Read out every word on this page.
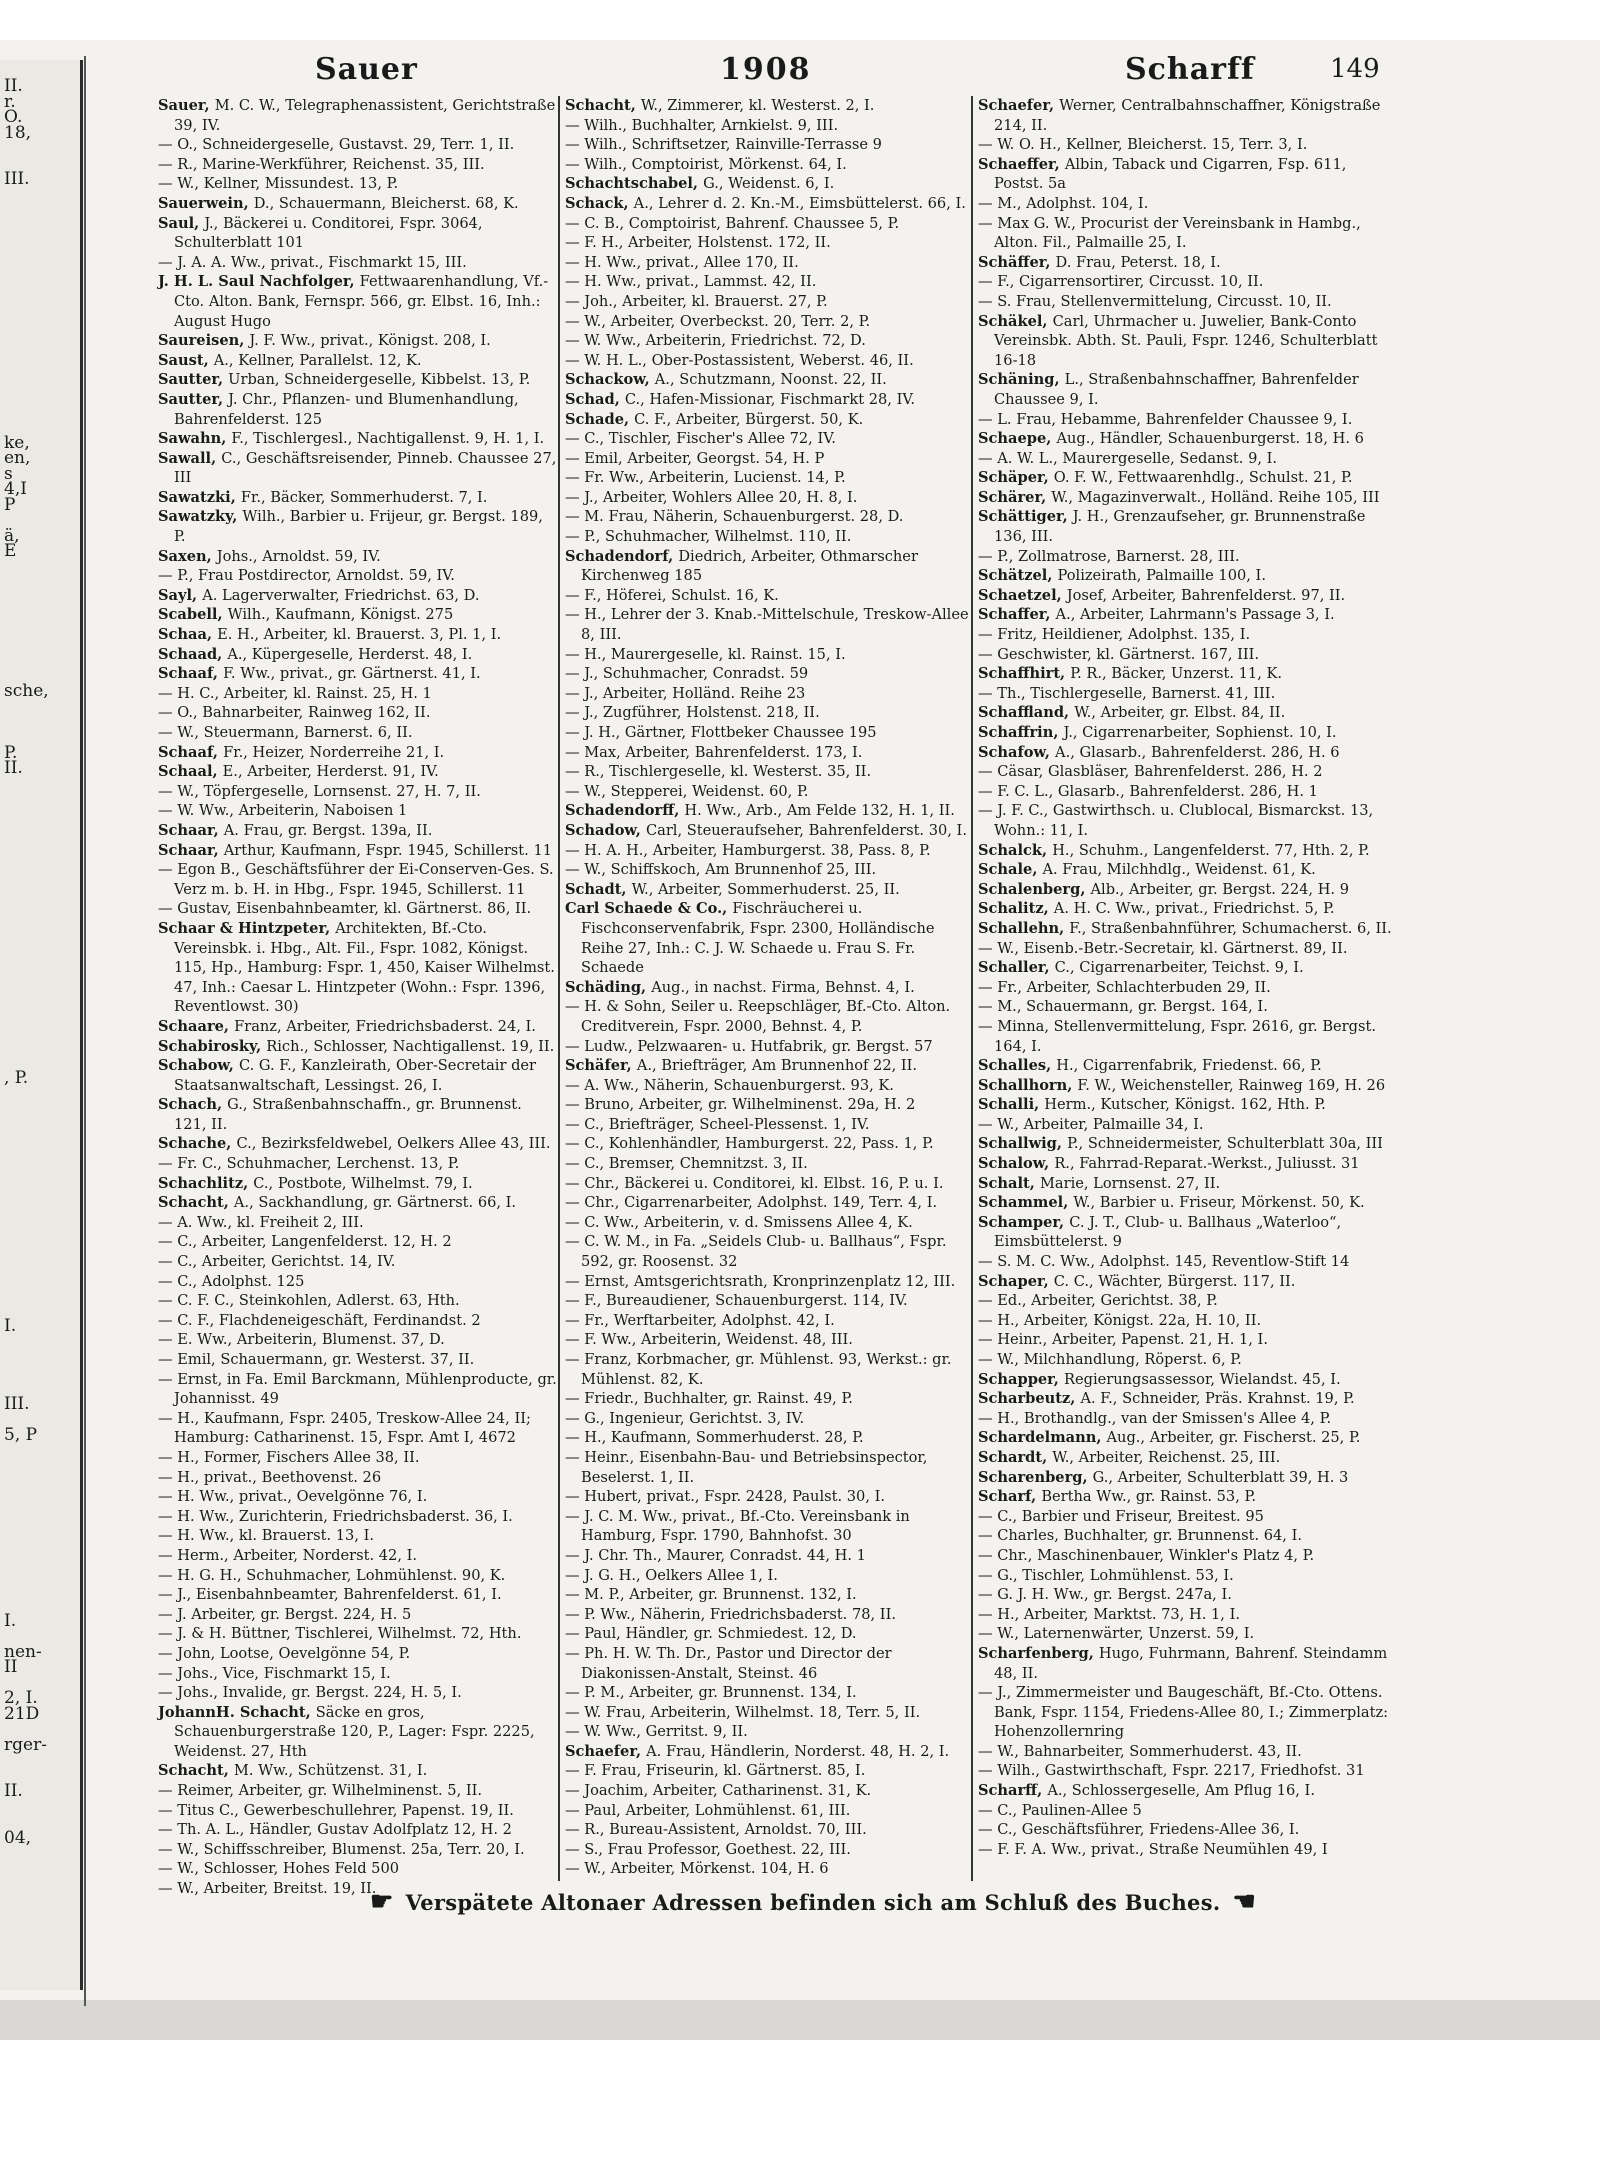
II.
r.
O.
18,
III.
ke,
en,
s
4,I
P
ä,
E
sche,
P.
II.
, P.
I.
III.
5, P
I.
nen-
II
2, I.
21D
rger-
II.
04,
Sauer	1908	Scharff	149

Sauer, M. C. W., Telegraphenassistent, Gerichtstraße 39, IV.

— O., Schneidergeselle, Gustavst. 29, Terr. 1, II.

— R., Marine-Werkführer, Reichenst. 35, III.

— W., Kellner, Missundest. 13, P.

Sauerwein, D., Schauermann, Bleicherst. 68, K.

Saul, J., Bäckerei u. Conditorei, Fspr. 3064, Schulterblatt 101

— J. A. A. Ww., privat., Fischmarkt 15, III.

J. H. L. Saul Nachfolger, Fettwaarenhandlung, Vf.-Cto. Alton. Bank, Fernspr. 566, gr. Elbst. 16, Inh.: August Hugo

Saureisen, J. F. Ww., privat., Königst. 208, I.

Saust, A., Kellner, Parallelst. 12, K.

Sautter, Urban, Schneidergeselle, Kibbelst. 13, P.

Sautter, J. Chr., Pflanzen- und Blumenhandlung, Bahrenfelderst. 125

Sawahn, F., Tischlergesl., Nachtigallenst. 9, H. 1, I.

Sawall, C., Geschäftsreisender, Pinneb. Chaussee 27, III

Sawatzki, Fr., Bäcker, Sommerhuderst. 7, I.

Sawatzky, Wilh., Barbier u. Frijeur, gr. Bergst. 189, P.

Saxen, Johs., Arnoldst. 59, IV.

— P., Frau Postdirector, Arnoldst. 59, IV.

Sayl, A. Lagerverwalter, Friedrichst. 63, D.

Scabell, Wilh., Kaufmann, Königst. 275

Schaa, E. H., Arbeiter, kl. Brauerst. 3, Pl. 1, I.

Schaad, A., Küpergeselle, Herderst. 48, I.

Schaaf, F. Ww., privat., gr. Gärtnerst. 41, I.

— H. C., Arbeiter, kl. Rainst. 25, H. 1

— O., Bahnarbeiter, Rainweg 162, II.

— W., Steuermann, Barnerst. 6, II.

Schaaf, Fr., Heizer, Norderreihe 21, I.

Schaal, E., Arbeiter, Herderst. 91, IV.

— W., Töpfergeselle, Lornsenst. 27, H. 7, II.

— W. Ww., Arbeiterin, Naboisen 1

Schaar, A. Frau, gr. Bergst. 139a, II.

Schaar, Arthur, Kaufmann, Fspr. 1945, Schillerst. 11

— Egon B., Geschäftsführer der Ei-Conserven-Ges. S. Verz m. b. H. in Hbg., Fspr. 1945, Schillerst. 11

— Gustav, Eisenbahnbeamter, kl. Gärtnerst. 86, II.

Schaar & Hintzpeter, Architekten, Bf.-Cto. Vereinsbk. i. Hbg., Alt. Fil., Fspr. 1082, Königst. 115, Hp., Hamburg: Fspr. 1, 450, Kaiser Wilhelmst. 47, Inh.: Caesar L. Hintzpeter (Wohn.: Fspr. 1396, Reventlowst. 30)

Schaare, Franz, Arbeiter, Friedrichsbaderst. 24, I.

Schabirosky, Rich., Schlosser, Nachtigallenst. 19, II.

Schabow, C. G. F., Kanzleirath, Ober-Secretair der Staatsanwaltschaft, Lessingst. 26, I.

Schach, G., Straßenbahnschaffn., gr. Brunnenst. 121, II.

Schache, C., Bezirksfeldwebel, Oelkers Allee 43, III.

— Fr. C., Schuhmacher, Lerchenst. 13, P.

Schachlitz, C., Postbote, Wilhelmst. 79, I.

Schacht, A., Sackhandlung, gr. Gärtnerst. 66, I.

— A. Ww., kl. Freiheit 2, III.

— C., Arbeiter, Langenfelderst. 12, H. 2

— C., Arbeiter, Gerichtst. 14, IV.

— C., Adolphst. 125

— C. F. C., Steinkohlen, Adlerst. 63, Hth.

— C. F., Flachdeneigeschäft, Ferdinandst. 2

— E. Ww., Arbeiterin, Blumenst. 37, D.

— Emil, Schauermann, gr. Westerst. 37, II.

— Ernst, in Fa. Emil Barckmann, Mühlenproducte, gr. Johannisst. 49

— H., Kaufmann, Fspr. 2405, Treskow-Allee 24, II; Hamburg: Catharinenst. 15, Fspr. Amt I, 4672

— H., Former, Fischers Allee 38, II.

— H., privat., Beethovenst. 26

— H. Ww., privat., Oevelgönne 76, I.

— H. Ww., Zurichterin, Friedrichsbaderst. 36, I.

— H. Ww., kl. Brauerst. 13, I.

— Herm., Arbeiter, Norderst. 42, I.

— H. G. H., Schuhmacher, Lohmühlenst. 90, K.

— J., Eisenbahnbeamter, Bahrenfelderst. 61, I.

— J. Arbeiter, gr. Bergst. 224, H. 5

— J. & H. Büttner, Tischlerei, Wilhelmst. 72, Hth.

— John, Lootse, Oevelgönne 54, P.

— Johs., Vice, Fischmarkt 15, I.

— Johs., Invalide, gr. Bergst. 224, H. 5, I.

JohannH. Schacht, Säcke en gros, Schauenburgerstraße 120, P., Lager: Fspr. 2225, Weidenst. 27, Hth

Schacht, M. Ww., Schützenst. 31, I.

— Reimer, Arbeiter, gr. Wilhelminenst. 5, II.

— Titus C., Gewerbeschullehrer, Papenst. 19, II.

— Th. A. L., Händler, Gustav Adolfplatz 12, H. 2

— W., Schiffsschreiber, Blumenst. 25a, Terr. 20, I.

— W., Schlosser, Hohes Feld 500

— W., Arbeiter, Breitst. 19, II.

Schacht, W., Zimmerer, kl. Westerst. 2, I.

— Wilh., Buchhalter, Arnkielst. 9, III.

— Wilh., Schriftsetzer, Rainville-Terrasse 9

— Wilh., Comptoirist, Mörkenst. 64, I.

Schachtschabel, G., Weidenst. 6, I.

Schack, A., Lehrer d. 2. Kn.-M., Eimsbüttelerst. 66, I.

— C. B., Comptoirist, Bahrenf. Chaussee 5, P.

— F. H., Arbeiter, Holstenst. 172, II.

— H. Ww., privat., Allee 170, II.

— H. Ww., privat., Lammst. 42, II.

— Joh., Arbeiter, kl. Brauerst. 27, P.

— W., Arbeiter, Overbeckst. 20, Terr. 2, P.

— W. Ww., Arbeiterin, Friedrichst. 72, D.

— W. H. L., Ober-Postassistent, Weberst. 46, II.

Schackow, A., Schutzmann, Noonst. 22, II.

Schad, C., Hafen-Missionar, Fischmarkt 28, IV.

Schade, C. F., Arbeiter, Bürgerst. 50, K.

— C., Tischler, Fischer's Allee 72, IV.

— Emil, Arbeiter, Georgst. 54, H. P

— Fr. Ww., Arbeiterin, Lucienst. 14, P.

— J., Arbeiter, Wohlers Allee 20, H. 8, I.

— M. Frau, Näherin, Schauenburgerst. 28, D.

— P., Schuhmacher, Wilhelmst. 110, II.

Schadendorf, Diedrich, Arbeiter, Othmarscher Kirchenweg 185

— F., Höferei, Schulst. 16, K.

— H., Lehrer der 3. Knab.-Mittelschule, Treskow-Allee 8, III.

— H., Maurergeselle, kl. Rainst. 15, I.

— J., Schuhmacher, Conradst. 59

— J., Arbeiter, Holländ. Reihe 23

— J., Zugführer, Holstenst. 218, II.

— J. H., Gärtner, Flottbeker Chaussee 195

— Max, Arbeiter, Bahrenfelderst. 173, I.

— R., Tischlergeselle, kl. Westerst. 35, II.

— W., Stepperei, Weidenst. 60, P.

Schadendorff, H. Ww., Arb., Am Felde 132, H. 1, II.

Schadow, Carl, Steueraufseher, Bahrenfelderst. 30, I.

— H. A. H., Arbeiter, Hamburgerst. 38, Pass. 8, P.

— W., Schiffskoch, Am Brunnenhof 25, III.

Schadt, W., Arbeiter, Sommerhuderst. 25, II.

Carl Schaede & Co., Fischräucherei u. Fischconservenfabrik, Fspr. 2300, Holländische Reihe 27, Inh.: C. J. W. Schaede u. Frau S. Fr. Schaede

Schäding, Aug., in nachst. Firma, Behnst. 4, I.

— H. & Sohn, Seiler u. Reepschläger, Bf.-Cto. Alton. Creditverein, Fspr. 2000, Behnst. 4, P.

— Ludw., Pelzwaaren- u. Hutfabrik, gr. Bergst. 57

Schäfer, A., Briefträger, Am Brunnenhof 22, II.

— A. Ww., Näherin, Schauenburgerst. 93, K.

— Bruno, Arbeiter, gr. Wilhelminenst. 29a, H. 2

— C., Briefträger, Scheel-Plessenst. 1, IV.

— C., Kohlenhändler, Hamburgerst. 22, Pass. 1, P.

— C., Bremser, Chemnitzst. 3, II.

— Chr., Bäckerei u. Conditorei, kl. Elbst. 16, P. u. I.

— Chr., Cigarrenarbeiter, Adolphst. 149, Terr. 4, I.

— C. Ww., Arbeiterin, v. d. Smissens Allee 4, K.

— C. W. M., in Fa. „Seidels Club- u. Ballhaus“, Fspr. 592, gr. Roosenst. 32

— Ernst, Amtsgerichtsrath, Kronprinzenplatz 12, III.

— F., Bureaudiener, Schauenburgerst. 114, IV.

— Fr., Werftarbeiter, Adolphst. 42, I.

— F. Ww., Arbeiterin, Weidenst. 48, III.

— Franz, Korbmacher, gr. Mühlenst. 93, Werkst.: gr. Mühlenst. 82, K.

— Friedr., Buchhalter, gr. Rainst. 49, P.

— G., Ingenieur, Gerichtst. 3, IV.

— H., Kaufmann, Sommerhuderst. 28, P.

— Heinr., Eisenbahn-Bau- und Betriebsinspector, Beselerst. 1, II.

— Hubert, privat., Fspr. 2428, Paulst. 30, I.

— J. C. M. Ww., privat., Bf.-Cto. Vereinsbank in Hamburg, Fspr. 1790, Bahnhofst. 30

— J. Chr. Th., Maurer, Conradst. 44, H. 1

— J. G. H., Oelkers Allee 1, I.

— M. P., Arbeiter, gr. Brunnenst. 132, I.

— P. Ww., Näherin, Friedrichsbaderst. 78, II.

— Paul, Händler, gr. Schmiedest. 12, D.

— Ph. H. W. Th. Dr., Pastor und Director der Diakonissen-Anstalt, Steinst. 46

— P. M., Arbeiter, gr. Brunnenst. 134, I.

— W. Frau, Arbeiterin, Wilhelmst. 18, Terr. 5, II.

— W. Ww., Gerritst. 9, II.

Schaefer, A. Frau, Händlerin, Norderst. 48, H. 2, I.

— F. Frau, Friseurin, kl. Gärtnerst. 85, I.

— Joachim, Arbeiter, Catharinenst. 31, K.

— Paul, Arbeiter, Lohmühlenst. 61, III.

— R., Bureau-Assistent, Arnoldst. 70, III.

— S., Frau Professor, Goethest. 22, III.

— W., Arbeiter, Mörkenst. 104, H. 6

Schaefer, Werner, Centralbahnschaffner, Königstraße 214, II.

— W. O. H., Kellner, Bleicherst. 15, Terr. 3, I.

Schaeffer, Albin, Taback und Cigarren, Fsp. 611, Postst. 5a

— M., Adolphst. 104, I.

— Max G. W., Procurist der Vereinsbank in Hambg., Alton. Fil., Palmaille 25, I.

Schäffer, D. Frau, Peterst. 18, I.

— F., Cigarrensortirer, Circusst. 10, II.

— S. Frau, Stellenvermittelung, Circusst. 10, II.

Schäkel, Carl, Uhrmacher u. Juwelier, Bank-Conto Vereinsbk. Abth. St. Pauli, Fspr. 1246, Schulterblatt 16-18

Schäning, L., Straßenbahnschaffner, Bahrenfelder Chaussee 9, I.

— L. Frau, Hebamme, Bahrenfelder Chaussee 9, I.

Schaepe, Aug., Händler, Schauenburgerst. 18, H. 6

— A. W. L., Maurergeselle, Sedanst. 9, I.

Schäper, O. F. W., Fettwaarenhdlg., Schulst. 21, P.

Schärer, W., Magazinverwalt., Holländ. Reihe 105, III

Schättiger, J. H., Grenzaufseher, gr. Brunnenstraße 136, III.

— P., Zollmatrose, Barnerst. 28, III.

Schätzel, Polizeirath, Palmaille 100, I.

Schaetzel, Josef, Arbeiter, Bahrenfelderst. 97, II.

Schaffer, A., Arbeiter, Lahrmann's Passage 3, I.

— Fritz, Heildiener, Adolphst. 135, I.

— Geschwister, kl. Gärtnerst. 167, III.

Schaffhirt, P. R., Bäcker, Unzerst. 11, K.

— Th., Tischlergeselle, Barnerst. 41, III.

Schaffland, W., Arbeiter, gr. Elbst. 84, II.

Schaffrin, J., Cigarrenarbeiter, Sophienst. 10, I.

Schafow, A., Glasarb., Bahrenfelderst. 286, H. 6

— Cäsar, Glasbläser, Bahrenfelderst. 286, H. 2

— F. C. L., Glasarb., Bahrenfelderst. 286, H. 1

— J. F. C., Gastwirthsch. u. Clublocal, Bismarckst. 13, Wohn.: 11, I.

Schalck, H., Schuhm., Langenfelderst. 77, Hth. 2, P.

Schale, A. Frau, Milchhdlg., Weidenst. 61, K.

Schalenberg, Alb., Arbeiter, gr. Bergst. 224, H. 9

Schalitz, A. H. C. Ww., privat., Friedrichst. 5, P.

Schallehn, F., Straßenbahnführer, Schumacherst. 6, II.

— W., Eisenb.-Betr.-Secretair, kl. Gärtnerst. 89, II.

Schaller, C., Cigarrenarbeiter, Teichst. 9, I.

— Fr., Arbeiter, Schlachterbuden 29, II.

— M., Schauermann, gr. Bergst. 164, I.

— Minna, Stellenvermittelung, Fspr. 2616, gr. Bergst. 164, I.

Schalles, H., Cigarrenfabrik, Friedenst. 66, P.

Schallhorn, F. W., Weichensteller, Rainweg 169, H. 26

Schalli, Herm., Kutscher, Königst. 162, Hth. P.

— W., Arbeiter, Palmaille 34, I.

Schallwig, P., Schneidermeister, Schulterblatt 30a, III

Schalow, R., Fahrrad-Reparat.-Werkst., Juliusst. 31

Schalt, Marie, Lornsenst. 27, II.

Schammel, W., Barbier u. Friseur, Mörkenst. 50, K.

Schamper, C. J. T., Club- u. Ballhaus „Waterloo“, Eimsbüttelerst. 9

— S. M. C. Ww., Adolphst. 145, Reventlow-Stift 14

Schaper, C. C., Wächter, Bürgerst. 117, II.

— Ed., Arbeiter, Gerichtst. 38, P.

— H., Arbeiter, Königst. 22a, H. 10, II.

— Heinr., Arbeiter, Papenst. 21, H. 1, I.

— W., Milchhandlung, Röperst. 6, P.

Schapper, Regierungsassessor, Wielandst. 45, I.

Scharbeutz, A. F., Schneider, Präs. Krahnst. 19, P.

— H., Brothandlg., van der Smissen's Allee 4, P.

Schardelmann, Aug., Arbeiter, gr. Fischerst. 25, P.

Schardt, W., Arbeiter, Reichenst. 25, III.

Scharenberg, G., Arbeiter, Schulterblatt 39, H. 3

Scharf, Bertha Ww., gr. Rainst. 53, P.

— C., Barbier und Friseur, Breitest. 95

— Charles, Buchhalter, gr. Brunnenst. 64, I.

— Chr., Maschinenbauer, Winkler's Platz 4, P.

— G., Tischler, Lohmühlenst. 53, I.

— G. J. H. Ww., gr. Bergst. 247a, I.

— H., Arbeiter, Marktst. 73, H. 1, I.

— W., Laternenwärter, Unzerst. 59, I.

Scharfenberg, Hugo, Fuhrmann, Bahrenf. Steindamm 48, II.

— J., Zimmermeister und Baugeschäft, Bf.-Cto. Ottens. Bank, Fspr. 1154, Friedens-Allee 80, I.; Zimmerplatz: Hohenzollernring

— W., Bahnarbeiter, Sommerhuderst. 43, II.

— Wilh., Gastwirthschaft, Fspr. 2217, Friedhofst. 31

Scharff, A., Schlossergeselle, Am Pflug 16, I.

— C., Paulinen-Allee 5

— C., Geschäftsführer, Friedens-Allee 36, I.

— F. F. A. Ww., privat., Straße Neumühlen 49, I

☛ Verspätete Altonaer Adressen befinden sich am Schluß des Buches. ☚
